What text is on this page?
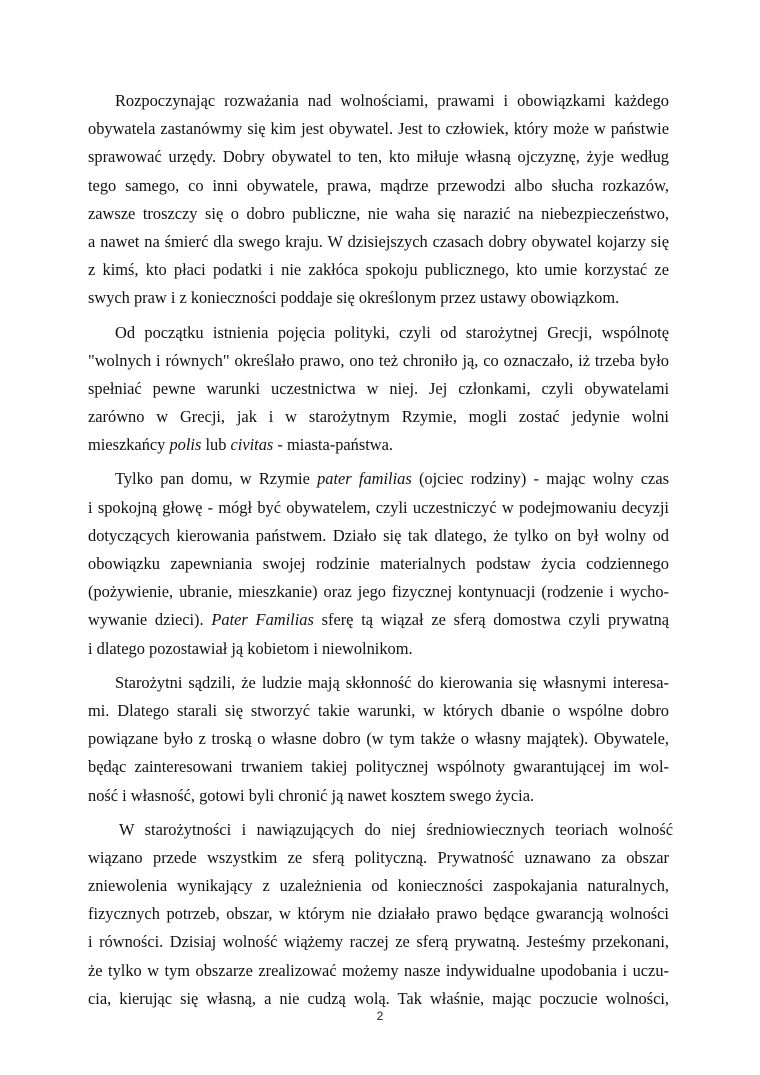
Rozpoczynając rozważania nad wolnościami, prawami i obowiązkami każdego
obywatela zastanówmy się kim jest obywatel. Jest to człowiek, który może w państwie
sprawować urzędy. Dobry obywatel to ten, kto miłuje własną ojczyznę, żyje według
tego samego, co inni obywatele, prawa, mądrze przewodzi albo słucha rozkazów,
zawsze troszczy się o dobro publiczne, nie waha się narazić na niebezpieczeństwo,
a nawet na śmierć dla swego kraju. W dzisiejszych czasach dobry obywatel kojarzy się
z kimś, kto płaci podatki i nie zakłóca spokoju publicznego, kto umie korzystać ze
swych praw i z konieczności poddaje się określonym przez ustawy obowiązkom.
Od początku istnienia pojęcia polityki, czyli od starożytnej Grecji, wspólnotę
"wolnych i równych" określało prawo, ono też chroniło ją, co oznaczało, iż trzeba było
spełniać pewne warunki uczestnictwa w niej. Jej członkami, czyli obywatelami
zarówno w Grecji, jak i w starożytnym Rzymie, mogli zostać jedynie wolni
mieszkańcy polis lub civitas - miasta-państwa.
Tylko pan domu, w Rzymie pater familias (ojciec rodziny) - mając wolny czas
i spokojną głowę - mógł być obywatelem, czyli uczestniczyć w podejmowaniu decyzji
dotyczących kierowania państwem. Działo się tak dlatego, że tylko on był wolny od
obowiązku zapewniania swojej rodzinie materialnych podstaw życia codziennego
(pożywienie, ubranie, mieszkanie) oraz jego fizycznej kontynuacji (rodzenie i wycho-
wywanie dzieci). Pater Familias sferę tą wiązał ze sferą domostwa czyli prywatną
i dlatego pozostawiał ją kobietom i niewolnikom.
Starożytni sądzili, że ludzie mają skłonność do kierowania się własnymi interesa-
mi. Dlatego starali się stworzyć takie warunki, w których dbanie o wspólne dobro
powiązane było z troską o własne dobro (w tym także o własny majątek). Obywatele,
będąc zainteresowani trwaniem takiej politycznej wspólnoty gwarantującej im wol-
ność i własność, gotowi byli chronić ją nawet kosztem swego życia.
W starożytności i nawiązujących do niej średniowiecznych teoriach wolność
wiązano przede wszystkim ze sferą polityczną. Prywatność uznawano za obszar
zniewolenia wynikający z uzależnienia od konieczności zaspokajania naturalnych,
fizycznych potrzeb, obszar, w którym nie działało prawo będące gwarancją wolności
i równości. Dzisiaj wolność wiążemy raczej ze sferą prywatną. Jesteśmy przekonani,
że tylko w tym obszarze zrealizować możemy nasze indywidualne upodobania i uczu-
cia, kierując się własną, a nie cudzą wolą. Tak właśnie, mając poczucie wolności,
2
